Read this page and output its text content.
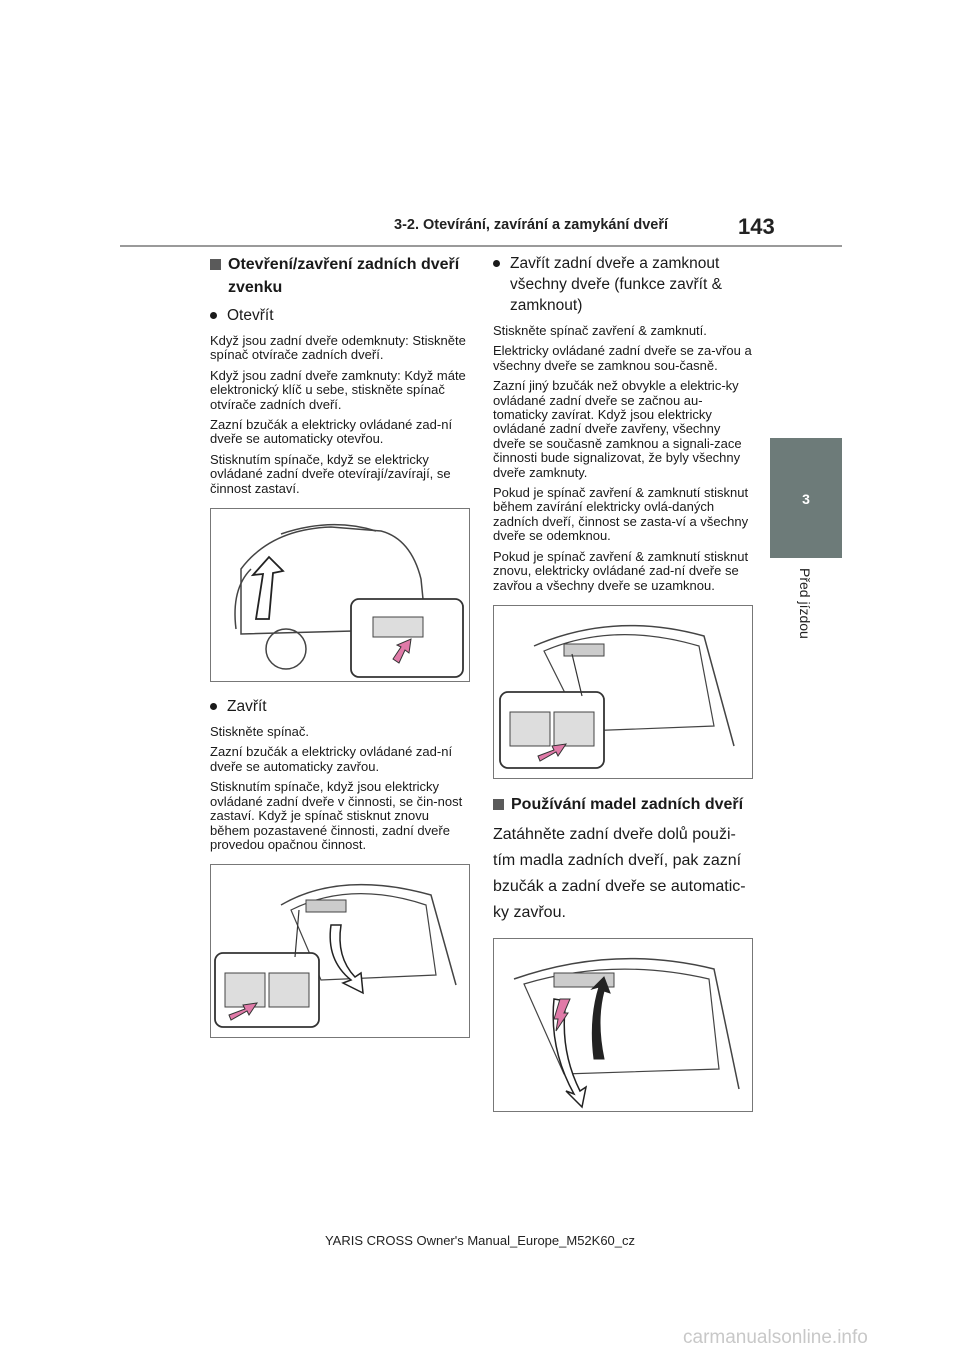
3-2. Otevírání, zavírání a zamykání dveří	143
3
Před jízdou
Otevření/zavření zadních dveří zvenku
Otevřít

Když jsou zadní dveře odemknuty: Stiskněte spínač otvírače zadních dveří.

Když jsou zadní dveře zamknuty: Když máte elektronický klíč u sebe, stiskněte spínač otvírače zadních dveří.

Zazní bzučák a elektricky ovládané zad-ní dveře se automaticky otevřou.

Stisknutím spínače, když se elektricky ovládané zadní dveře otevírají/zavírají, se činnost zastaví.

Zavřít

Stiskněte spínač.

Zazní bzučák a elektricky ovládané zad-ní dveře se automaticky zavřou.

Stisknutím spínače, když jsou elektricky ovládané zadní dveře v činnosti, se čin-nost zastaví. Když je spínač stisknut znovu během pozastavené činnosti, zadní dveře provedou opačnou činnost.

Zavřít zadní dveře a zamknout všechny dveře (funkce zavřít & zamknout)

Stiskněte spínač zavření & zamknutí.

Elektricky ovládané zadní dveře se za-vřou a všechny dveře se zamknou sou-časně.

Zazní jiný bzučák než obvykle a elektric-ky ovládané zadní dveře se začnou au-tomaticky zavírat. Když jsou elektricky ovládané zadní dveře zavřeny, všechny dveře se současně zamknou a signali-zace činnosti bude signalizovat, že byly všechny dveře zamknuty.

Pokud je spínač zavření & zamknutí stisknut během zavírání elektricky ovlá-daných zadních dveří, činnost se zasta-ví a všechny dveře se odemknou.

Pokud je spínač zavření & zamknutí stisknut znovu, elektricky ovládané zad-ní dveře se zavřou a všechny dveře se uzamknou.

Používání madel zadních dveří

Zatáhněte zadní dveře dolů použi-tím madla zadních dveří, pak zazní bzučák a zadní dveře se automatic-ky zavřou.

YARIS CROSS Owner's Manual_Europe_M52K60_cz
carmanualsonline.info
